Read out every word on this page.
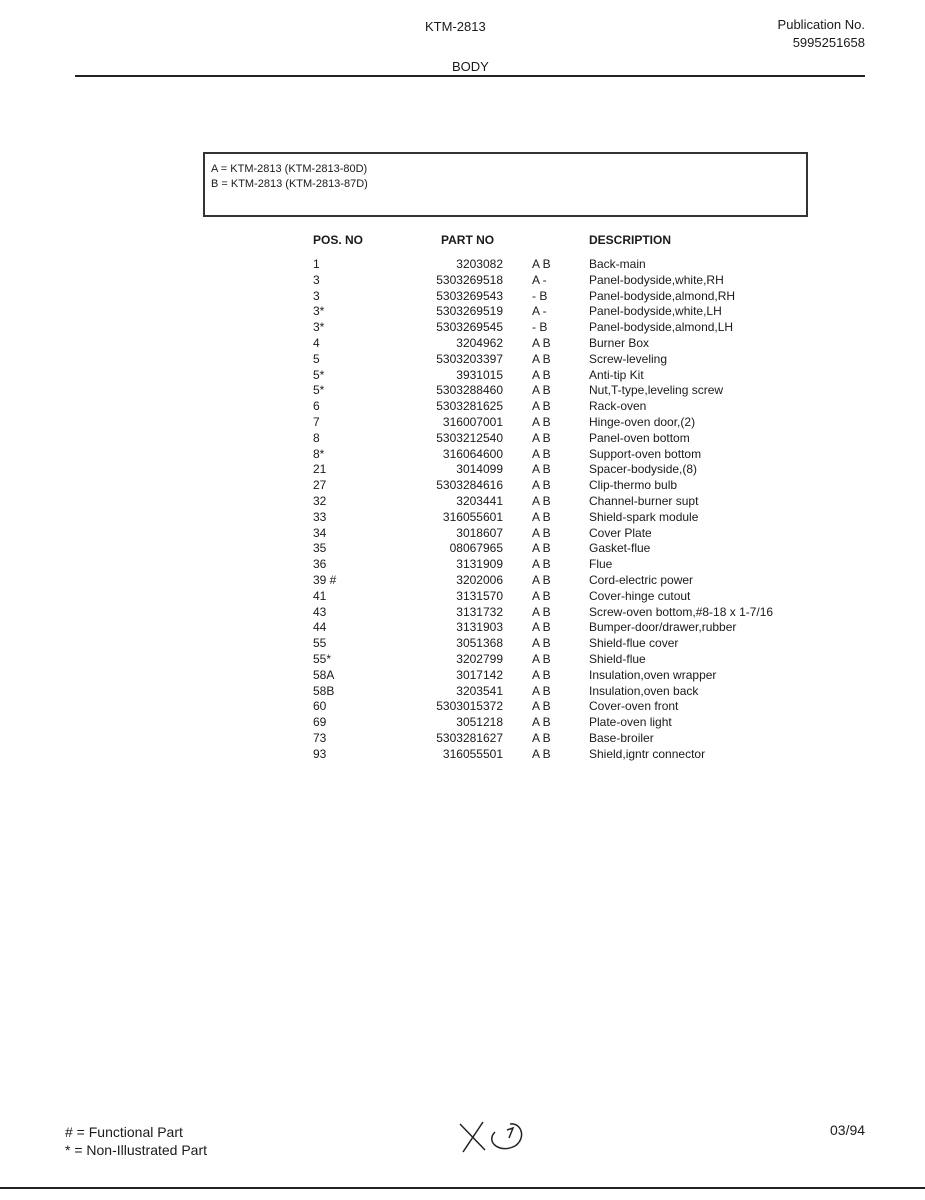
KTM-2813	Publication No.
5995251658
BODY
A = KTM-2813 (KTM-2813-80D)
B = KTM-2813 (KTM-2813-87D)
POS. NO	PART NO	DESCRIPTION
1	3203082 A B	Back-main
3	5303269518 A -	Panel-bodyside,white,RH
3	5303269543 - B	Panel-bodyside,almond,RH
3*	5303269519 A -	Panel-bodyside,white,LH
3*	5303269545 - B	Panel-bodyside,almond,LH
4	3204962 A B	Burner Box
5	5303203397 A B	Screw-leveling
5*	3931015 A B	Anti-tip Kit
5*	5303288460 A B	Nut,T-type,leveling screw
6	5303281625 A B	Rack-oven
7	316007001 A B	Hinge-oven door,(2)
8	5303212540 A B	Panel-oven bottom
8*	316064600 A B	Support-oven bottom
21	3014099 A B	Spacer-bodyside,(8)
27	5303284616 A B	Clip-thermo bulb
32	3203441 A B	Channel-burner supt
33	316055601 A B	Shield-spark module
34	3018607 A B	Cover Plate
35	08067965 A B	Gasket-flue
36	3131909 A B	Flue
39 #	3202006 A B	Cord-electric power
41	3131570 A B	Cover-hinge cutout
43	3131732 A B	Screw-oven bottom,#8-18 x 1-7/16
44	3131903 A B	Bumper-door/drawer,rubber
55	3051368 A B	Shield-flue cover
55*	3202799 A B	Shield-flue
58A	3017142 A B	Insulation,oven wrapper
58B	3203541 A B	Insulation,oven back
60	5303015372 A B	Cover-oven front
69	3051218 A B	Plate-oven light
73	5303281627 A B	Base-broiler
93	316055501 A B	Shield,igntr connector
# = Functional Part
* = Non-Illustrated Part
03/94
